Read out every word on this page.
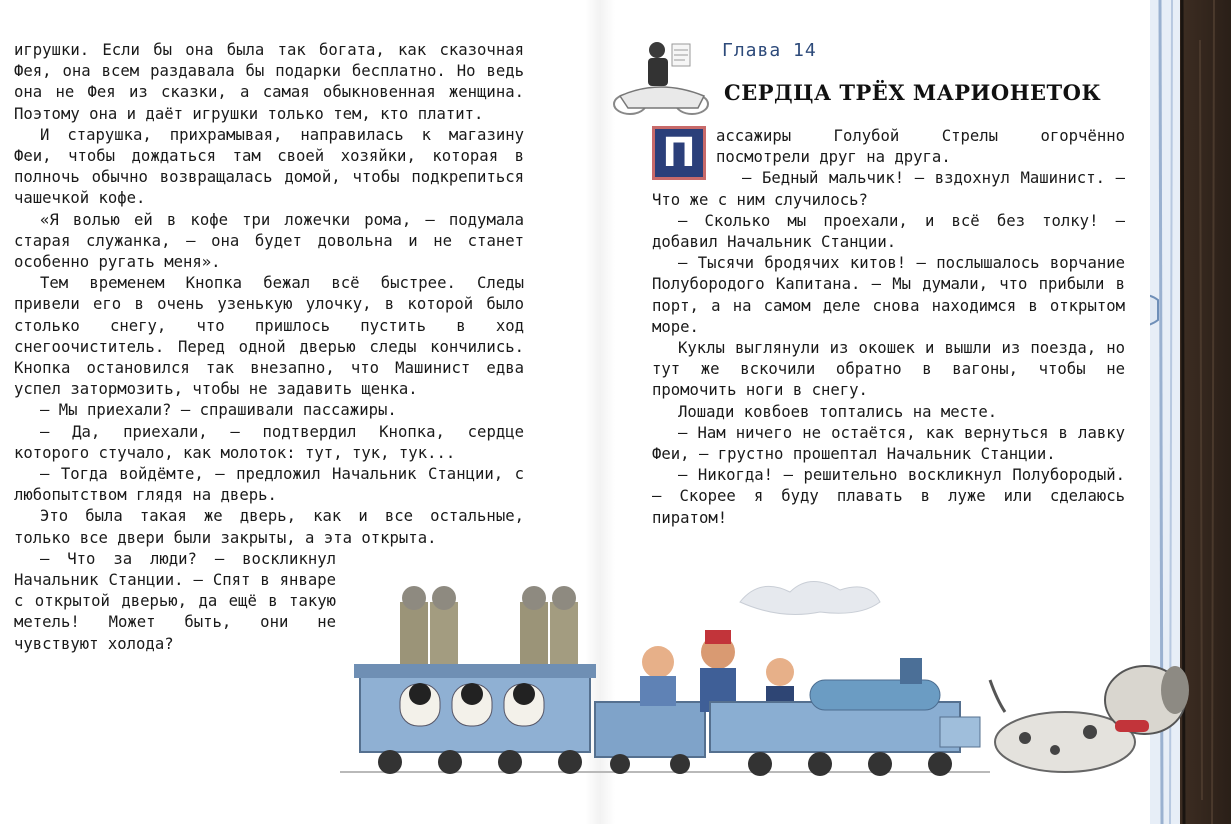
игрушки. Если бы она была так богата, как сказочная Фея, она всем раздавала бы подарки бесплатно. Но ведь она не Фея из сказки, а самая обыкновенная женщина. Поэтому она и даёт игрушки только тем, кто платит.

И старушка, прихрамывая, направилась к магазину Феи, чтобы дождаться там своей хозяйки, которая в полночь обычно возвращалась домой, чтобы подкрепиться чашечкой кофе.

«Я волью ей в кофе три ложечки рома, — подумала старая служанка, — она будет довольна и не станет особенно ругать меня».

Тем временем Кнопка бежал всё быстрее. Следы привели его в очень узенькую улочку, в которой было столько снегу, что пришлось пустить в ход снегоочиститель. Перед одной дверью следы кончились. Кнопка остановился так внезапно, что Машинист едва успел затормозить, чтобы не задавить щенка.

— Мы приехали? — спрашивали пассажиры.

— Да, приехали, — подтвердил Кнопка, сердце которого стучало, как молоток: тут, тук, тук...

— Тогда войдёмте, — предложил Начальник Станции, с любопытством глядя на дверь.

Это была такая же дверь, как и все остальные, только все двери были закрыты, а эта открыта.

— Что за люди? — воскликнул Начальник Станции. — Спят в январе с открытой дверью, да ещё в такую метель! Может быть, они не чувствуют холода?

Глава 14
СЕРДЦА ТРЁХ МАРИОНЕТОК

П	ассажиры Голубой Стрелы огорчённо посмотрели друг на друга.

— Бедный мальчик! — вздохнул Машинист. — Что же с ним случилось?

— Сколько мы проехали, и всё без толку! — добавил Начальник Станции.

— Тысячи бродячих китов! — послышалось ворчание Полубородого Капитана. — Мы думали, что прибыли в порт, а на самом деле снова находимся в открытом море.

Куклы выглянули из окошек и вышли из поезда, но тут же вскочили обратно в вагоны, чтобы не промочить ноги в снегу.

Лошади ковбоев топтались на месте.

— Нам ничего не остаётся, как вернуться в лавку Феи, — грустно прошептал Начальник Станции.

— Никогда! — решительно воскликнул Полубородый. — Скорее я буду плавать в луже или сделаюсь пиратом!
